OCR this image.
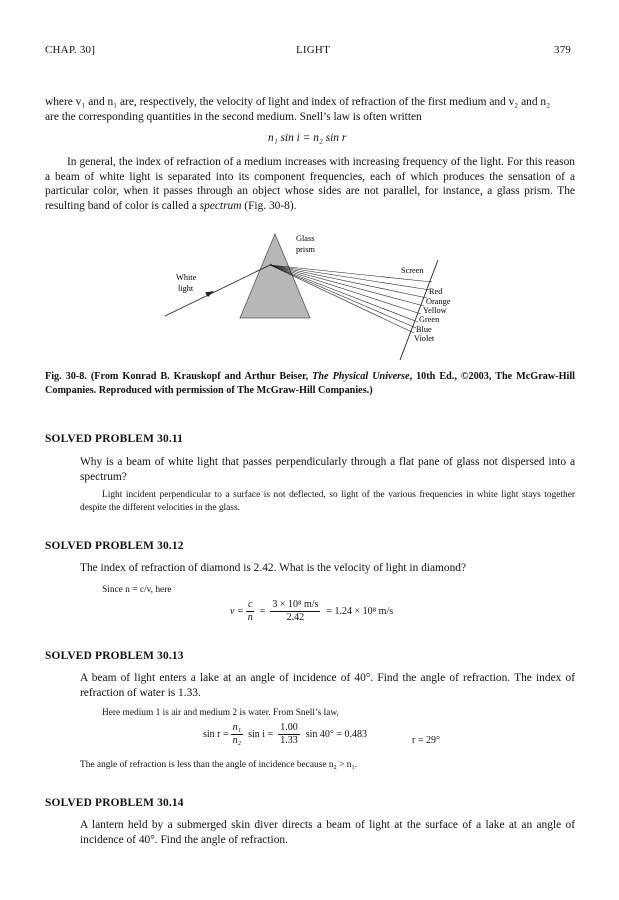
CHAP. 30]	LIGHT	379
where v₁ and n₁ are, respectively, the velocity of light and index of refraction of the first medium and v₂ and n₂
are the corresponding quantities in the second medium. Snell’s law is often written
n₁ sin i = n₂ sin r
In general, the index of refraction of a medium increases with increasing frequency of the light. For this reason a beam of white light is separated into its component frequencies, each of which produces the sensation of a particular color, when it passes through an object whose sides are not parallel, for instance, a glass prism. The resulting band of color is called a spectrum (Fig. 30-8).
Glass
prism
White
light
Screen
Red
Orange
Yellow
Green
Blue
Violet
Fig. 30-8. (From Konrad B. Krauskopf and Arthur Beiser, The Physical Universe, 10th Ed., ©2003, The McGraw-Hill Companies. Reproduced with permission of The McGraw-Hill Companies.)
SOLVED PROBLEM 30.11
Why is a beam of white light that passes perpendicularly through a flat pane of glass not dispersed into a spectrum?
Light incident perpendicular to a surface is not deflected, so light of the various frequencies in white light stays together despite the different velocities in the glass.
SOLVED PROBLEM 30.12
The index of refraction of diamond is 2.42. What is the velocity of light in diamond?
Since n = c/v, here
$v = \frac{c}{n} = \frac{\text{3 × 10⁸ m/s}}{2.42} = 1.24 \times 10^8$ m/s
SOLVED PROBLEM 30.13
A beam of light enters a lake at an angle of incidence of 40°. Find the angle of refraction. The index of refraction of water is 1.33.
Here medium 1 is air and medium 2 is water. From Snell’s law,
$\sin r = \frac{\text{n₁}}{\text{n₂}}$ $\sin i = \frac{1.00}{1.33}$ sin 40° = 0.483
r = 29°
The angle of refraction is less than the angle of incidence because n₂ > n₁.
SOLVED PROBLEM 30.14
A lantern held by a submerged skin diver directs a beam of light at the surface of a lake at an angle of incidence of 40°. Find the angle of refraction.
